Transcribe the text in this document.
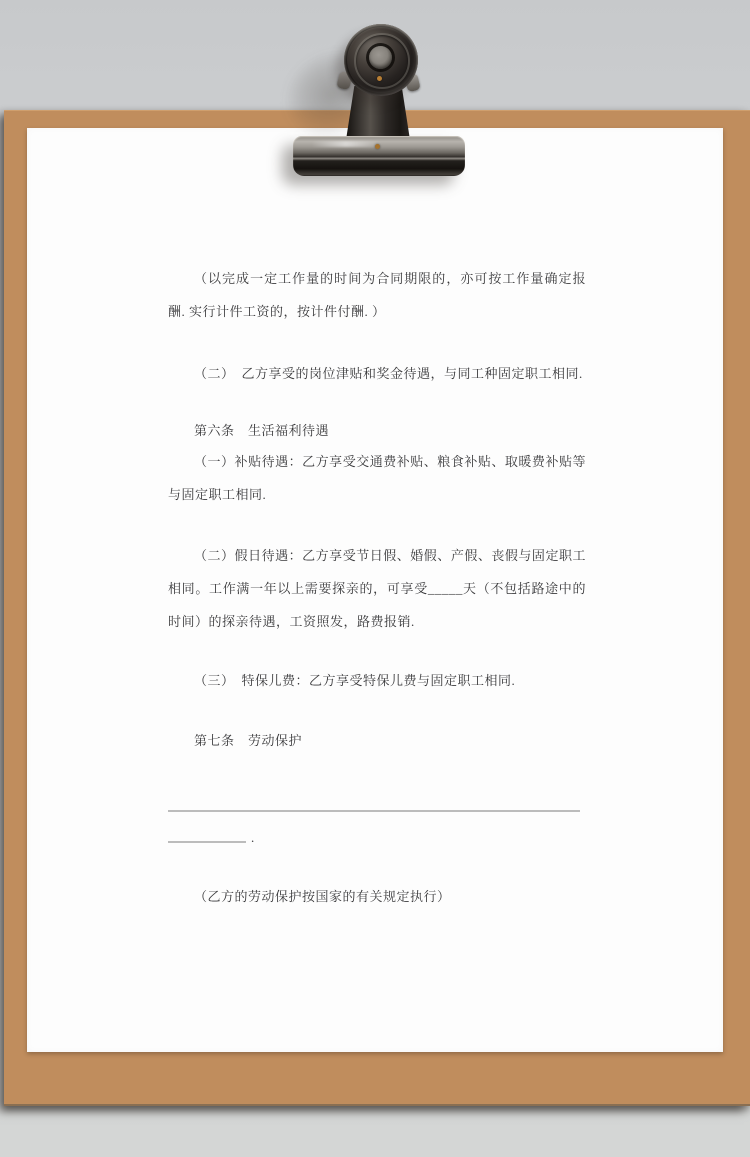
（以完成一定工作量的时间为合同期限的，亦可按工作量确定报酬. 实行计件工资的，按计件付酬. ）
（二）　乙方享受的岗位津贴和奖金待遇，与同工种固定职工相同.
第六条　生活福利待遇
（一）补贴待遇：乙方享受交通费补贴、粮食补贴、取暖费补贴等与固定职工相同.
（二）假日待遇：乙方享受节日假、婚假、产假、丧假与固定职工相同。工作满一年以上需要探亲的，可享受_____天（不包括路途中的时间）的探亲待遇，工资照发，路费报销.
（三）　特保儿费：乙方享受特保儿费与固定职工相同.
第七条　劳动保护
.
（乙方的劳动保护按国家的有关规定执行）
